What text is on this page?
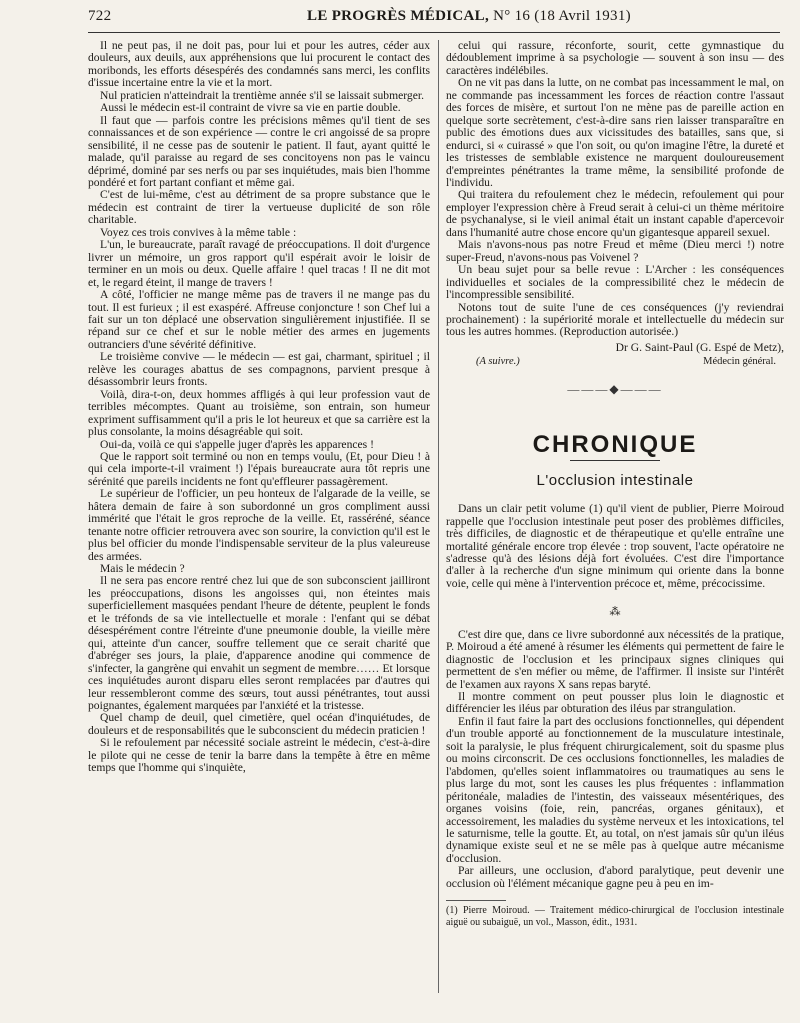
722	LE PROGRÈS MÉDICAL, N° 16 (18 Avril 1931)

Il ne peut pas, il ne doit pas, pour lui et pour les autres, céder aux douleurs, aux deuils, aux appréhensions que lui procurent le contact des moribonds, les efforts désespérés des condamnés sans merci, les conflits d'issue incertaine entre la vie et la mort.

Nul praticien n'atteindrait la trentième année s'il se laissait submerger.

Aussi le médecin est-il contraint de vivre sa vie en partie double.

Il faut que — parfois contre les précisions mêmes qu'il tient de ses connaissances et de son expérience — contre le cri angoissé de sa propre sensibilité, il ne cesse pas de soutenir le patient. Il faut, ayant quitté le malade, qu'il paraisse au regard de ses concitoyens non pas le vaincu déprimé, dominé par ses nerfs ou par ses inquiétudes, mais bien l'homme pondéré et fort partant confiant et même gai.

C'est de lui-même, c'est au détriment de sa propre substance que le médecin est contraint de tirer la vertueuse duplicité de son rôle charitable.

Voyez ces trois convives à la même table :

L'un, le bureaucrate, paraît ravagé de préoccupations. Il doit d'urgence livrer un mémoire, un gros rapport qu'il espérait avoir le loisir de terminer en un mois ou deux. Quelle affaire ! quel tracas ! Il ne dit mot et, le regard éteint, il mange de travers !

A côté, l'officier ne mange même pas de travers il ne mange pas du tout. Il est furieux ; il est exaspéré. Affreuse conjoncture ! son Chef lui a fait sur un ton déplacé une observation singulièrement injustifiée. Il se répand sur ce chef et sur le noble métier des armes en jugements outranciers d'une sévérité définitive.

Le troisième convive — le médecin — est gai, charmant, spirituel ; il relève les courages abattus de ses compagnons, parvient presque à désassombrir leurs fronts.

Voilà, dira-t-on, deux hommes affligés à qui leur profession vaut de terribles mécomptes. Quant au troisième, son entrain, son humeur expriment suffisamment qu'il a pris le lot heureux et que sa carrière est la plus consolante, la moins désagréable qui soit.

Oui-da, voilà ce qui s'appelle juger d'après les apparences !

Que le rapport soit terminé ou non en temps voulu, (Et, pour Dieu ! à qui cela importe-t-il vraiment !) l'épais bureaucrate aura tôt repris une sérénité que pareils incidents ne font qu'effleurer passagèrement.

Le supérieur de l'officier, un peu honteux de l'algarade de la veille, se hâtera demain de faire à son subordonné un gros compliment aussi immérité que l'était le gros reproche de la veille. Et, rasséréné, séance tenante notre officier retrouvera avec son sourire, la conviction qu'il est le plus bel officier du monde l'indispensable serviteur de la plus valeureuse des armées.

Mais le médecin ?

Il ne sera pas encore rentré chez lui que de son subconscient jailliront les préoccupations, disons les angoisses qui, non éteintes mais superficiellement masquées pendant l'heure de détente, peuplent le fonds et le tréfonds de sa vie intellectuelle et morale : l'enfant qui se débat désespérément contre l'étreinte d'une pneumonie double, la vieille mère qui, atteinte d'un cancer, souffre tellement que ce serait charité que d'abréger ses jours, la plaie, d'apparence anodine qui commence de s'infecter, la gangrène qui envahit un segment de membre…… Et lorsque ces inquiétudes auront disparu elles seront remplacées par d'autres qui leur ressembleront comme des sœurs, tout aussi pénétrantes, tout aussi poignantes, également marquées par l'anxiété et la tristesse.

Quel champ de deuil, quel cimetière, quel océan d'inquiétudes, de douleurs et de responsabilités que le subconscient du médecin praticien !

Si le refoulement par nécessité sociale astreint le médecin, c'est-à-dire le pilote qui ne cesse de tenir la barre dans la tempête à être en même temps que l'homme qui s'inquiète,

celui qui rassure, réconforte, sourit, cette gymnastique du dédoublement imprime à sa psychologie — souvent à son insu — des caractères indélébiles.

On ne vit pas dans la lutte, on ne combat pas incessamment le mal, on ne commande pas incessamment les forces de réaction contre l'assaut des forces de misère, et surtout l'on ne mène pas de pareille action en quelque sorte secrètement, c'est-à-dire sans rien laisser transparaître en public des émotions dues aux vicissitudes des batailles, sans que, si endurci, si « cuirassé » que l'on soit, ou qu'on imagine l'être, la dureté et les tristesses de semblable existence ne marquent douloureusement d'empreintes pénétrantes la trame même, la sensibilité profonde de l'individu.

Qui traitera du refoulement chez le médecin, refoulement qui pour employer l'expression chère à Freud serait à celui-ci un thème méritoire de psychanalyse, si le vieil animal était un instant capable d'apercevoir dans l'humanité autre chose encore qu'un gigantesque appareil sexuel.

Mais n'avons-nous pas notre Freud et même (Dieu merci !) notre super-Freud, n'avons-nous pas Voivenel ?

Un beau sujet pour sa belle revue : L'Archer : les conséquences individuelles et sociales de la compressibilité chez le médecin de l'incompressible sensibilité.

Notons tout de suite l'une de ces conséquences (j'y reviendrai prochainement) : la supériorité morale et intellectuelle du médecin sur tous les autres hommes. (Reproduction autorisée.)

Dr G. Saint-Paul (G. Espé de Metz),
(A suivre.)	Médecin général.
———◆———
CHRONIQUE
L'occlusion intestinale

Dans un clair petit volume (1) qu'il vient de publier, Pierre Moiroud rappelle que l'occlusion intestinale peut poser des problèmes difficiles, très difficiles, de diagnostic et de thérapeutique et qu'elle entraîne une mortalité générale encore trop élevée : trop souvent, l'acte opératoire ne s'adresse qu'à des lésions déjà fort évoluées. C'est dire l'importance d'aller à la recherche d'un signe minimum qui oriente dans la bonne voie, celle qui mène à l'intervention précoce et, même, précocissime.

⁂

C'est dire que, dans ce livre subordonné aux nécessités de la pratique, P. Moiroud a été amené à résumer les éléments qui permettent de faire le diagnostic de l'occlusion et les principaux signes cliniques qui permettent de s'en méfier ou même, de l'affirmer. Il insiste sur l'intérêt de l'examen aux rayons X sans repas baryté.

Il montre comment on peut pousser plus loin le diagnostic et différencier les iléus par obturation des iléus par strangulation.

Enfin il faut faire la part des occlusions fonctionnelles, qui dépendent d'un trouble apporté au fonctionnement de la musculature intestinale, soit la paralysie, le plus fréquent chirurgicalement, soit du spasme plus ou moins circonscrit. De ces occlusions fonctionnelles, les maladies de l'abdomen, qu'elles soient inflammatoires ou traumatiques au sens le plus large du mot, sont les causes les plus fréquentes : inflammation péritonéale, maladies de l'intestin, des vaisseaux mésentériques, des organes voisins (foie, rein, pancréas, organes génitaux), et accessoirement, les maladies du système nerveux et les intoxications, tel le saturnisme, telle la goutte. Et, au total, on n'est jamais sûr qu'un iléus dynamique existe seul et ne se mêle pas à quelque autre mécanisme d'occlusion.

Par ailleurs, une occlusion, d'abord paralytique, peut devenir une occlusion où l'élément mécanique gagne peu à peu en im-

(1) Pierre Moiroud. — Traitement médico-chirurgical de l'occlusion intestinale aiguë ou subaiguë, un vol., Masson, édit., 1931.
